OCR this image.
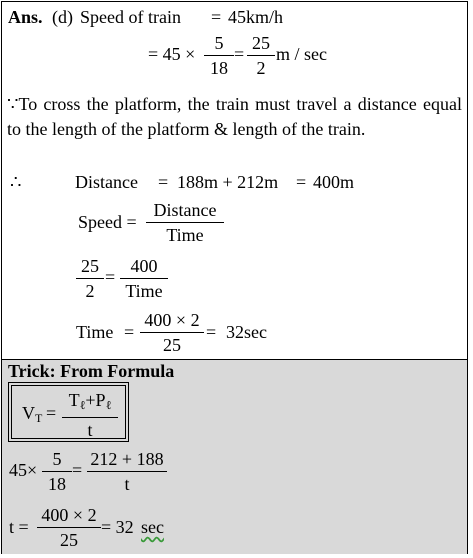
Ans. (d) Speed of train = 45km/h
= 45 ×
5
18
=
25
2
m / sec
∵To cross the platform, the train must travel a distance equal to the length of the platform & length of the train.
∴	Distance = 188m + 212m = 400m
Speed =
Distance
Time
25
2
=
400
Time
Time =
400 × 2
25
= 32sec
Trick: From Formula
$V_T$ =
$T_\ell+P_\ell$
t
45×
5
18
=
212 + 188
t
t =
400 × 2
25
= 32 sec
